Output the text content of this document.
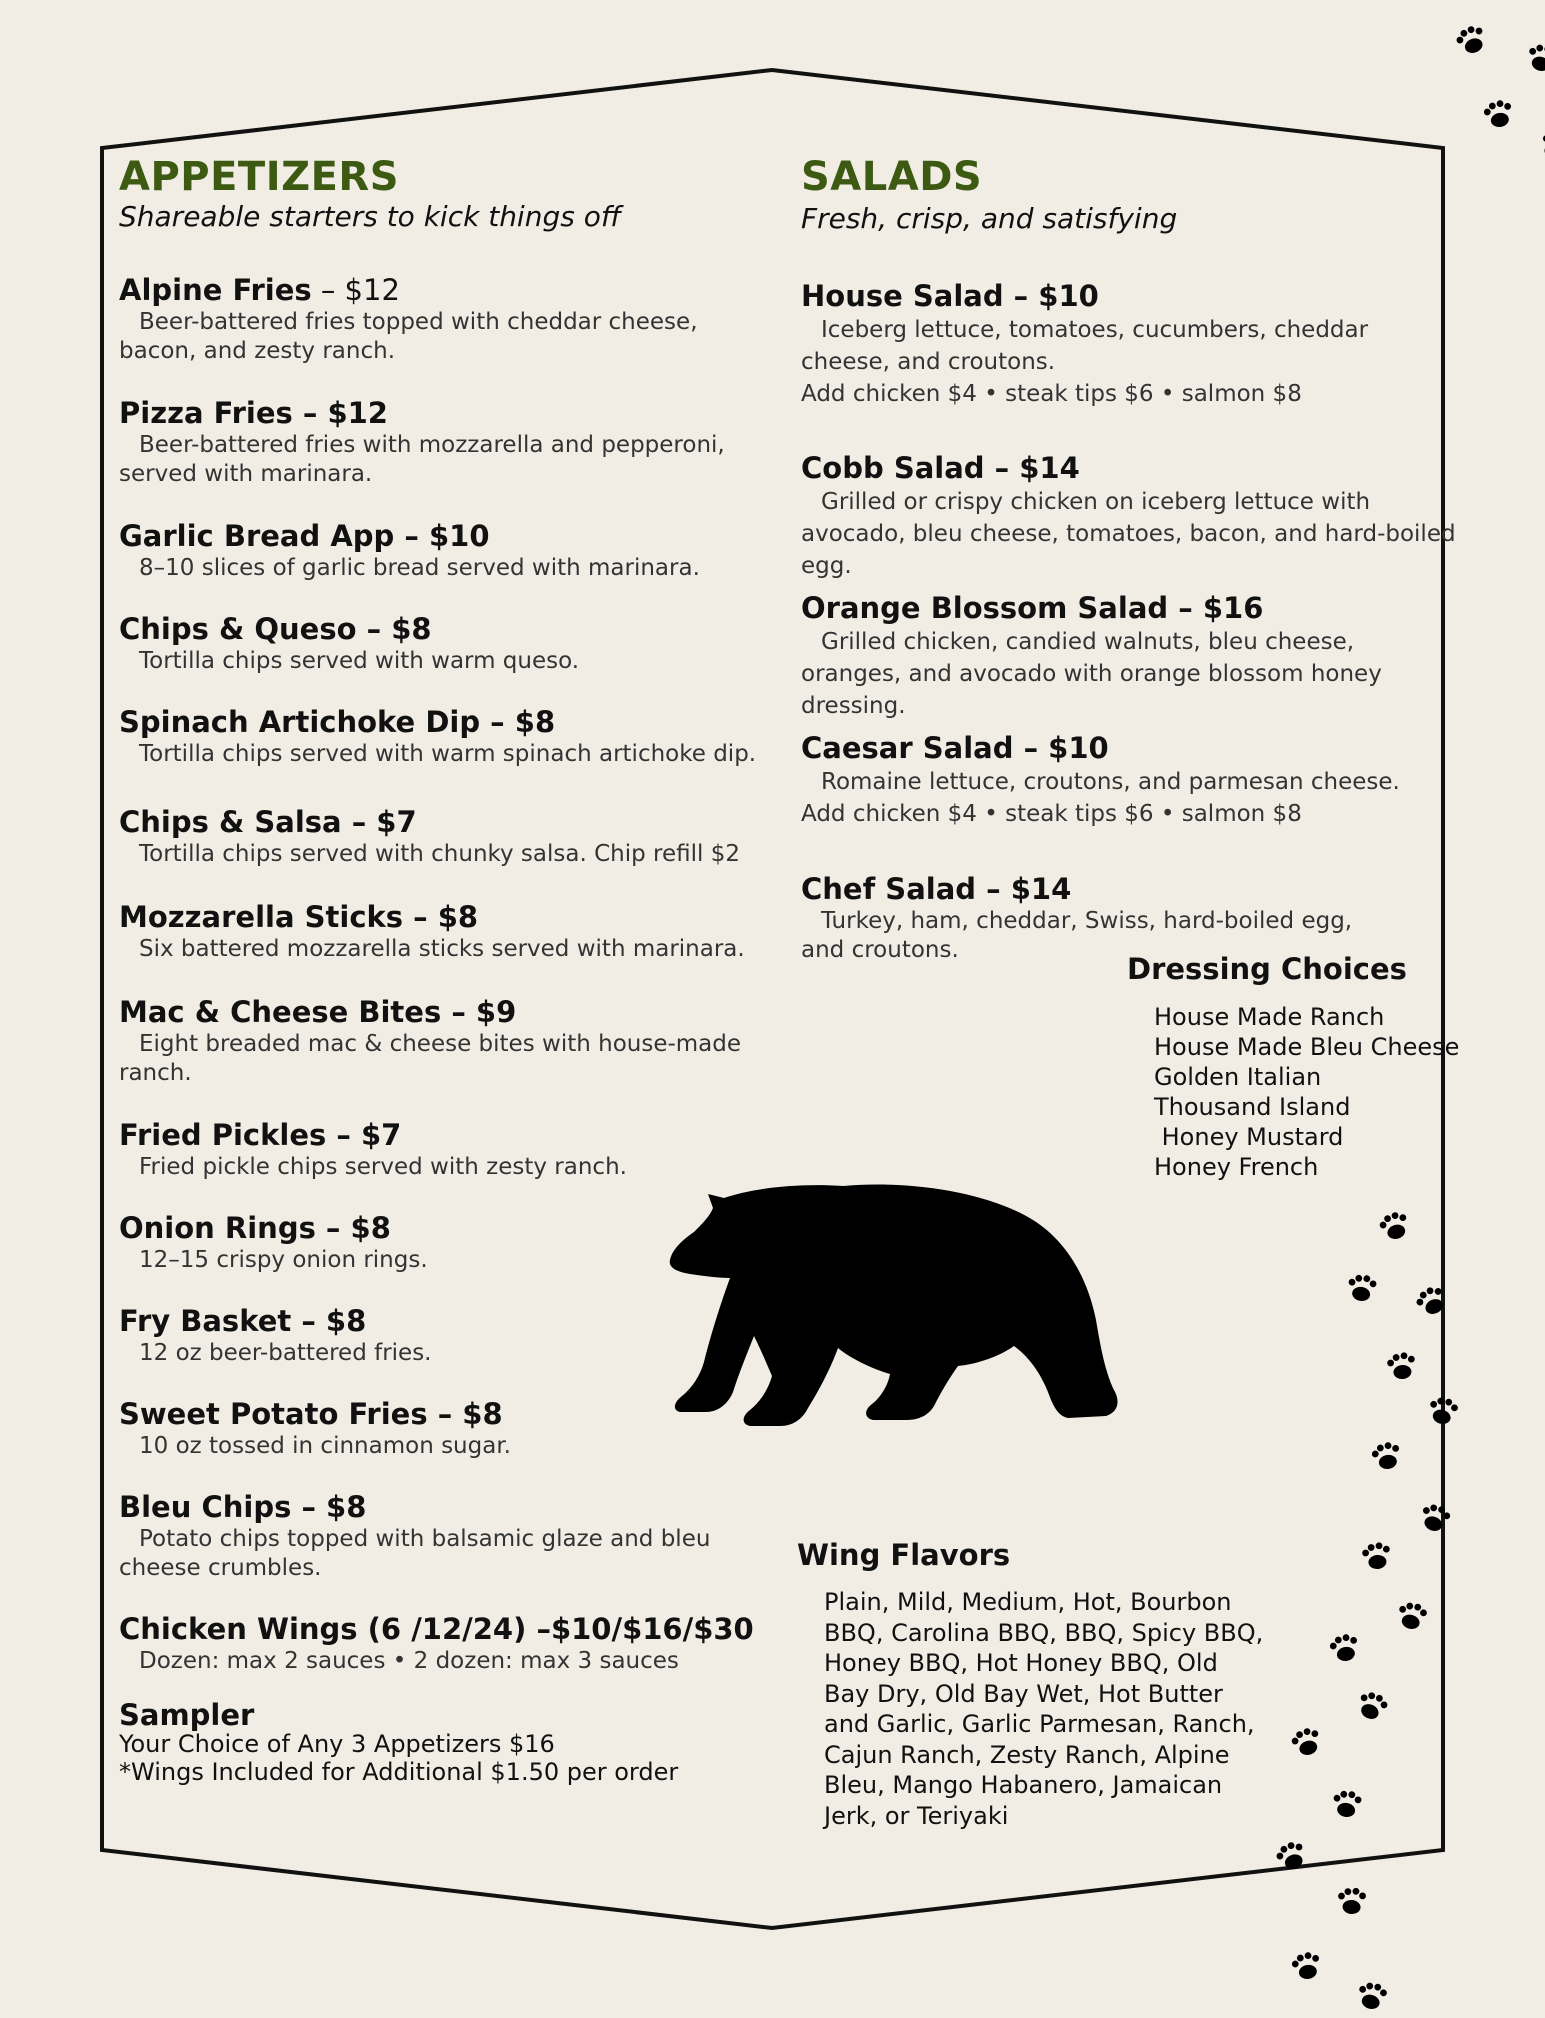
APPETIZERS

Shareable starters to kick things off

Alpine Fries – $12
Beer-battered fries topped with cheddar cheese, bacon, and zesty ranch.
Pizza Fries – $12
Beer-battered fries with mozzarella and pepperoni, served with marinara.
Garlic Bread App – $10
8–10 slices of garlic bread served with marinara.
Chips & Queso – $8
Tortilla chips served with warm queso.
Spinach Artichoke Dip – $8
Tortilla chips served with warm spinach artichoke dip.
Chips & Salsa – $7
Tortilla chips served with chunky salsa. Chip refill $2
Mozzarella Sticks – $8
Six battered mozzarella sticks served with marinara.
Mac & Cheese Bites – $9
Eight breaded mac & cheese bites with house-made ranch.
Fried Pickles – $7
Fried pickle chips served with zesty ranch.
Onion Rings – $8
12–15 crispy onion rings.
Fry Basket – $8
12 oz beer-battered fries.
Sweet Potato Fries – $8
10 oz tossed in cinnamon sugar.
Bleu Chips – $8
Potato chips topped with balsamic glaze and bleu cheese crumbles.
Chicken Wings (6 /12/24) –$10/$16/$30
Dozen: max 2 sauces • 2 dozen: max 3 sauces
Sampler
Your Choice of Any 3 Appetizers $16
*Wings Included for Additional $1.50 per order
SALADS

Fresh, crisp, and satisfying

House Salad – $10
Iceberg lettuce, tomatoes, cucumbers, cheddar cheese, and croutons.
Add chicken $4 • steak tips $6 • salmon $8
Cobb Salad – $14
Grilled or crispy chicken on iceberg lettuce with avocado, bleu cheese, tomatoes, bacon, and hard-boiled egg.
Orange Blossom Salad – $16
Grilled chicken, candied walnuts, bleu cheese, oranges, and avocado with orange blossom honey dressing.
Caesar Salad – $10
Romaine lettuce, croutons, and parmesan cheese.
Add chicken $4 • steak tips $6 • salmon $8
Chef Salad – $14
Turkey, ham, cheddar, Swiss, hard-boiled egg, and croutons.
Dressing Choices
House Made Ranch
House Made Bleu Cheese
Golden Italian
Thousand Island
Honey Mustard
Honey French
Wing Flavors

Plain, Mild, Medium, Hot, Bourbon BBQ, Carolina BBQ, BBQ, Spicy BBQ, Honey BBQ, Hot Honey BBQ, Old Bay Dry, Old Bay Wet, Hot Butter and Garlic, Garlic Parmesan, Ranch, Cajun Ranch, Zesty Ranch, Alpine Bleu, Mango Habanero, Jamaican Jerk, or Teriyaki
